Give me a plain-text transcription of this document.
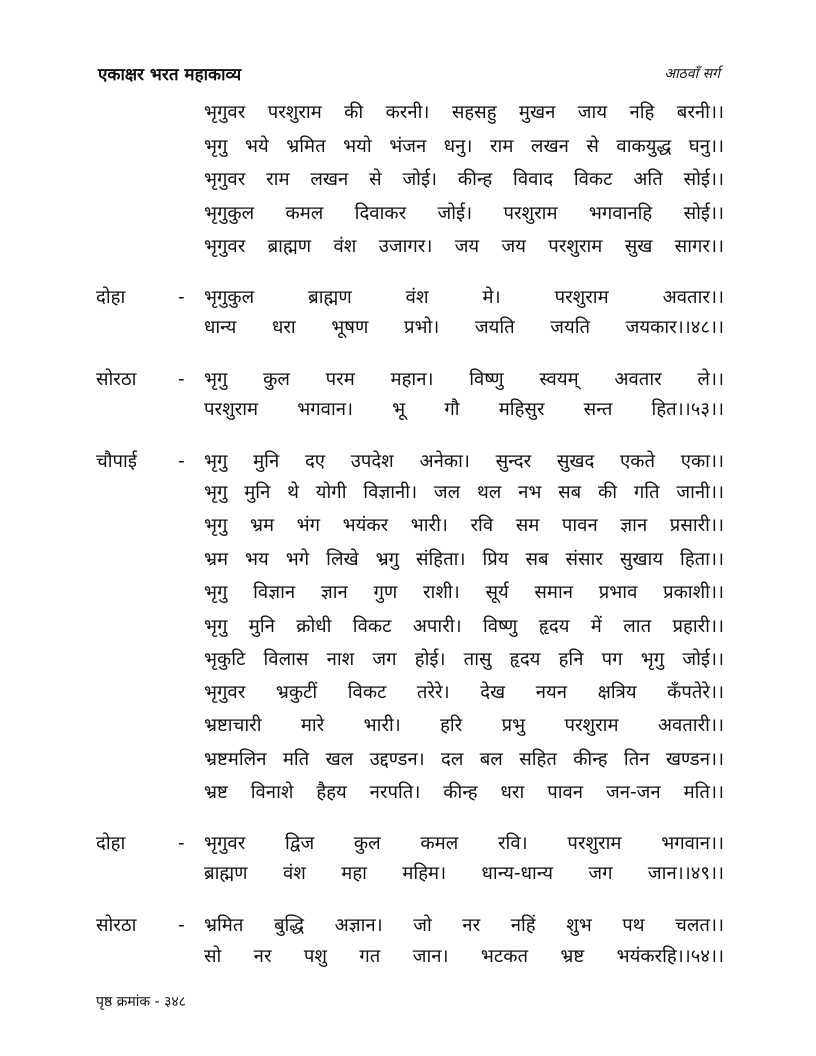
एकाक्षर भरत महाकाव्य	आठवाँ सर्ग
भृगुवर परशुराम की करनी। सहसहु मुखन जाय नहि बरनी।।
भृगु भये भ्रमित भयो भंजन धनु। राम लखन से वाकयुद्ध घनु।।
भृगुवर राम लखन से जोई। कीन्ह विवाद विकट अति सोई।।
भृगुकुल कमल दिवाकर जोई। परशुराम भगवानहि सोई।।
भृगुवर ब्राह्मण वंश उजागर। जय जय परशुराम सुख सागर।।
दोहा	- भृगुकुल ब्राह्मण वंश मे। परशुराम अवतार।।
धान्य धरा भूषण प्रभो। जयति जयति जयकार।।४८।।
सोरठा - भृगु कुल परम महान। विष्णु स्वयम् अवतार ले।।
परशुराम भगवान। भू गौ महिसुर सन्त हित।।५३।।
चौपाई - भृगु मुनि दए उपदेश अनेका। सुन्दर सुखद एकते एका।।
भृगु मुनि थे योगी विज्ञानी। जल थल नभ सब की गति जानी।।
भृगु भ्रम भंग भयंकर भारी। रवि सम पावन ज्ञान प्रसारी।।
भ्रम भय भगे लिखे भ्रगु संहिता। प्रिय सब संसार सुखाय हिता।।
भृगु विज्ञान ज्ञान गुण राशी। सूर्य समान प्रभाव प्रकाशी।।
भृगु मुनि क्रोधी विकट अपारी। विष्णु हृदय में लात प्रहारी।।
भृकुटि विलास नाश जग होई। तासु हृदय हनि पग भृगु जोई।।
भृगुवर भ्रकुटीं विकट तरेरे। देख नयन क्षत्रिय कँपतेरे।।
भ्रष्टाचारी मारे भारी। हरि प्रभु परशुराम अवतारी।।
भ्रष्टमलिन मति खल उद्दण्डन। दल बल सहित कीन्ह तिन खण्डन।।
भ्रष्ट विनाशे हैहय नरपति। कीन्ह धरा पावन जन-जन मति।।
दोहा	- भृगुवर द्विज कुल कमल रवि। परशुराम भगवान।।
ब्राह्मण वंश महा महिम। धान्य-धान्य जग जान।।४९।।
सोरठा - भ्रमित बुद्धि अज्ञान। जो नर नहिं शुभ पथ चलत।।
सो नर पशु गत जान। भटकत भ्रष्ट भयंकरहि।।५४।।
पृष्ठ क्रमांक - ३४८
